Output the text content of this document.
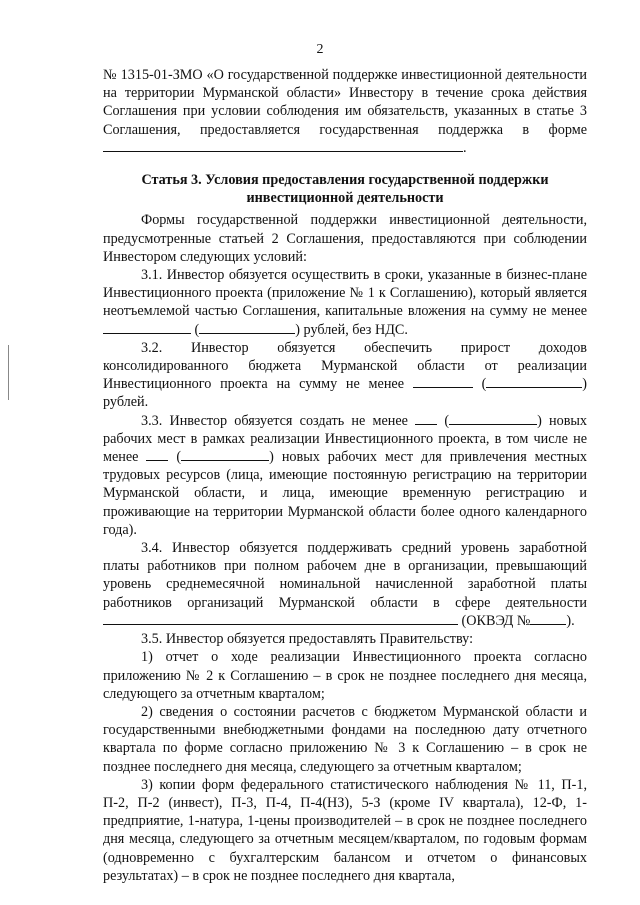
2

№ 1315-01-ЗМО «О государственной поддержке инвестиционной деятельности на территории Мурманской области» Инвестору в течение срока действия Соглашения при условии соблюдения им обязательств, указанных в статье 3 Соглашения, предоставляется государственная поддержка в форме .

Статья 3. Условия предоставления государственной поддержки
инвестиционной деятельности

Формы государственной поддержки инвестиционной деятельности, предусмотренные статьей 2 Соглашения, предоставляются при соблюдении Инвестором следующих условий:

3.1. Инвестор обязуется осуществить в сроки, указанные в бизнес-плане Инвестиционного проекта (приложение № 1 к Соглашению), который является неотъемлемой частью Соглашения, капитальные вложения на сумму не менее  (	) рублей, без НДС.

3.2. Инвестор обязуется обеспечить прирост доходов консолидированного бюджета Мурманской области от реализации Инвестиционного проекта на сумму не менее	(	) рублей.

3.3. Инвестор обязуется создать не менее	(	) новых рабочих мест в рамках реализации Инвестиционного проекта, в том числе не менее	(	) новых рабочих мест для привлечения местных трудовых ресурсов (лица, имеющие постоянную регистрацию на территории Мурманской области, и лица, имеющие временную регистрацию и проживающие на территории Мурманской области более одного календарного года).

3.4. Инвестор обязуется поддерживать средний уровень заработной платы работников при полном рабочем дне в организации, превышающий уровень среднемесячной номинальной начисленной заработной платы работников организаций Мурманской области в сфере деятельности  (ОКВЭД №	).

3.5. Инвестор обязуется предоставлять Правительству:

1) отчет о ходе реализации Инвестиционного проекта согласно приложению № 2 к Соглашению – в срок не позднее последнего дня месяца, следующего за отчетным кварталом;

2) сведения о состоянии расчетов с бюджетом Мурманской области и государственными внебюджетными фондами на последнюю дату отчетного квартала по форме согласно приложению № 3 к Соглашению – в срок не позднее последнего дня месяца, следующего за отчетным кварталом;

3) копии форм федерального статистического наблюдения № 11, П-1, П-2, П-2 (инвест), П-3, П-4, П-4(НЗ), 5-З (кроме IV квартала), 12-Ф, 1-предприятие, 1-натура, 1-цены производителей – в срок не позднее последнего дня месяца, следующего за отчетным месяцем/кварталом, по годовым формам (одновременно с бухгалтерским балансом и отчетом о финансовых результатах) – в срок не позднее последнего дня квартала,
